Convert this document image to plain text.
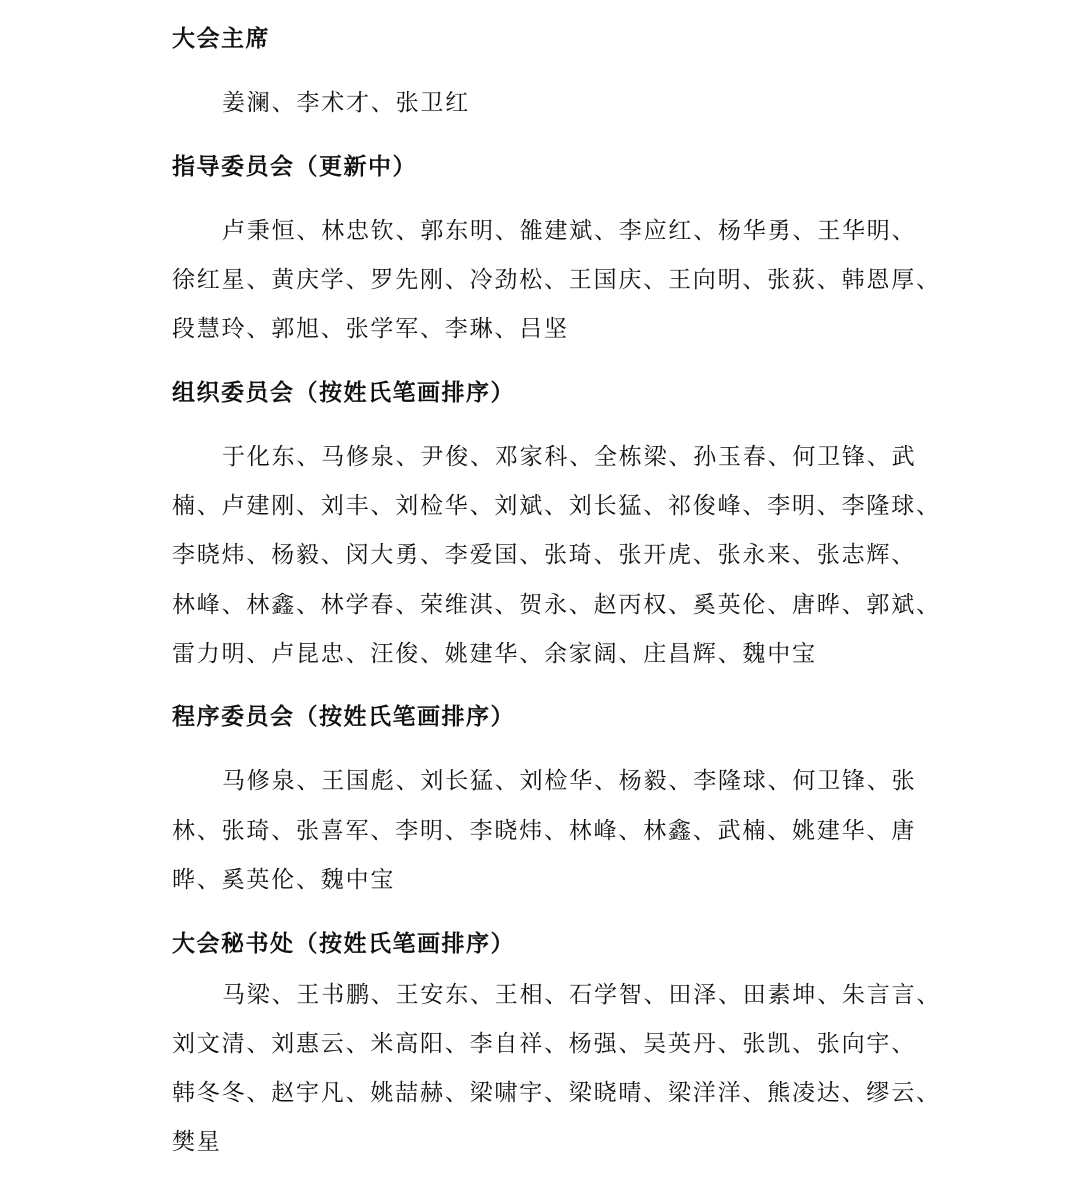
大会主席
姜澜、李术才、张卫红
指导委员会（更新中）
卢秉恒、林忠钦、郭东明、雒建斌、李应红、杨华勇、王华明、
徐红星、黄庆学、罗先刚、冷劲松、王国庆、王向明、张荻、韩恩厚、
段慧玲、郭旭、张学军、李琳、吕坚
组织委员会（按姓氏笔画排序）
于化东、马修泉、尹俊、邓家科、全栋梁、孙玉春、何卫锋、武
楠、卢建刚、刘丰、刘检华、刘斌、刘长猛、祁俊峰、李明、李隆球、
李晓炜、杨毅、闵大勇、李爱国、张琦、张开虎、张永来、张志辉、
林峰、林鑫、林学春、荣维淇、贺永、赵丙权、奚英伦、唐晔、郭斌、
雷力明、卢昆忠、汪俊、姚建华、余家阔、庄昌辉、魏中宝
程序委员会（按姓氏笔画排序）
马修泉、王国彪、刘长猛、刘检华、杨毅、李隆球、何卫锋、张
林、张琦、张喜军、李明、李晓炜、林峰、林鑫、武楠、姚建华、唐
晔、奚英伦、魏中宝
大会秘书处（按姓氏笔画排序）
马梁、王书鹏、王安东、王相、石学智、田泽、田素坤、朱言言、
刘文清、刘惠云、米高阳、李自祥、杨强、吴英丹、张凯、张向宇、
韩冬冬、赵宇凡、姚喆赫、梁啸宇、梁晓晴、梁洋洋、熊凌达、缪云、
樊星
